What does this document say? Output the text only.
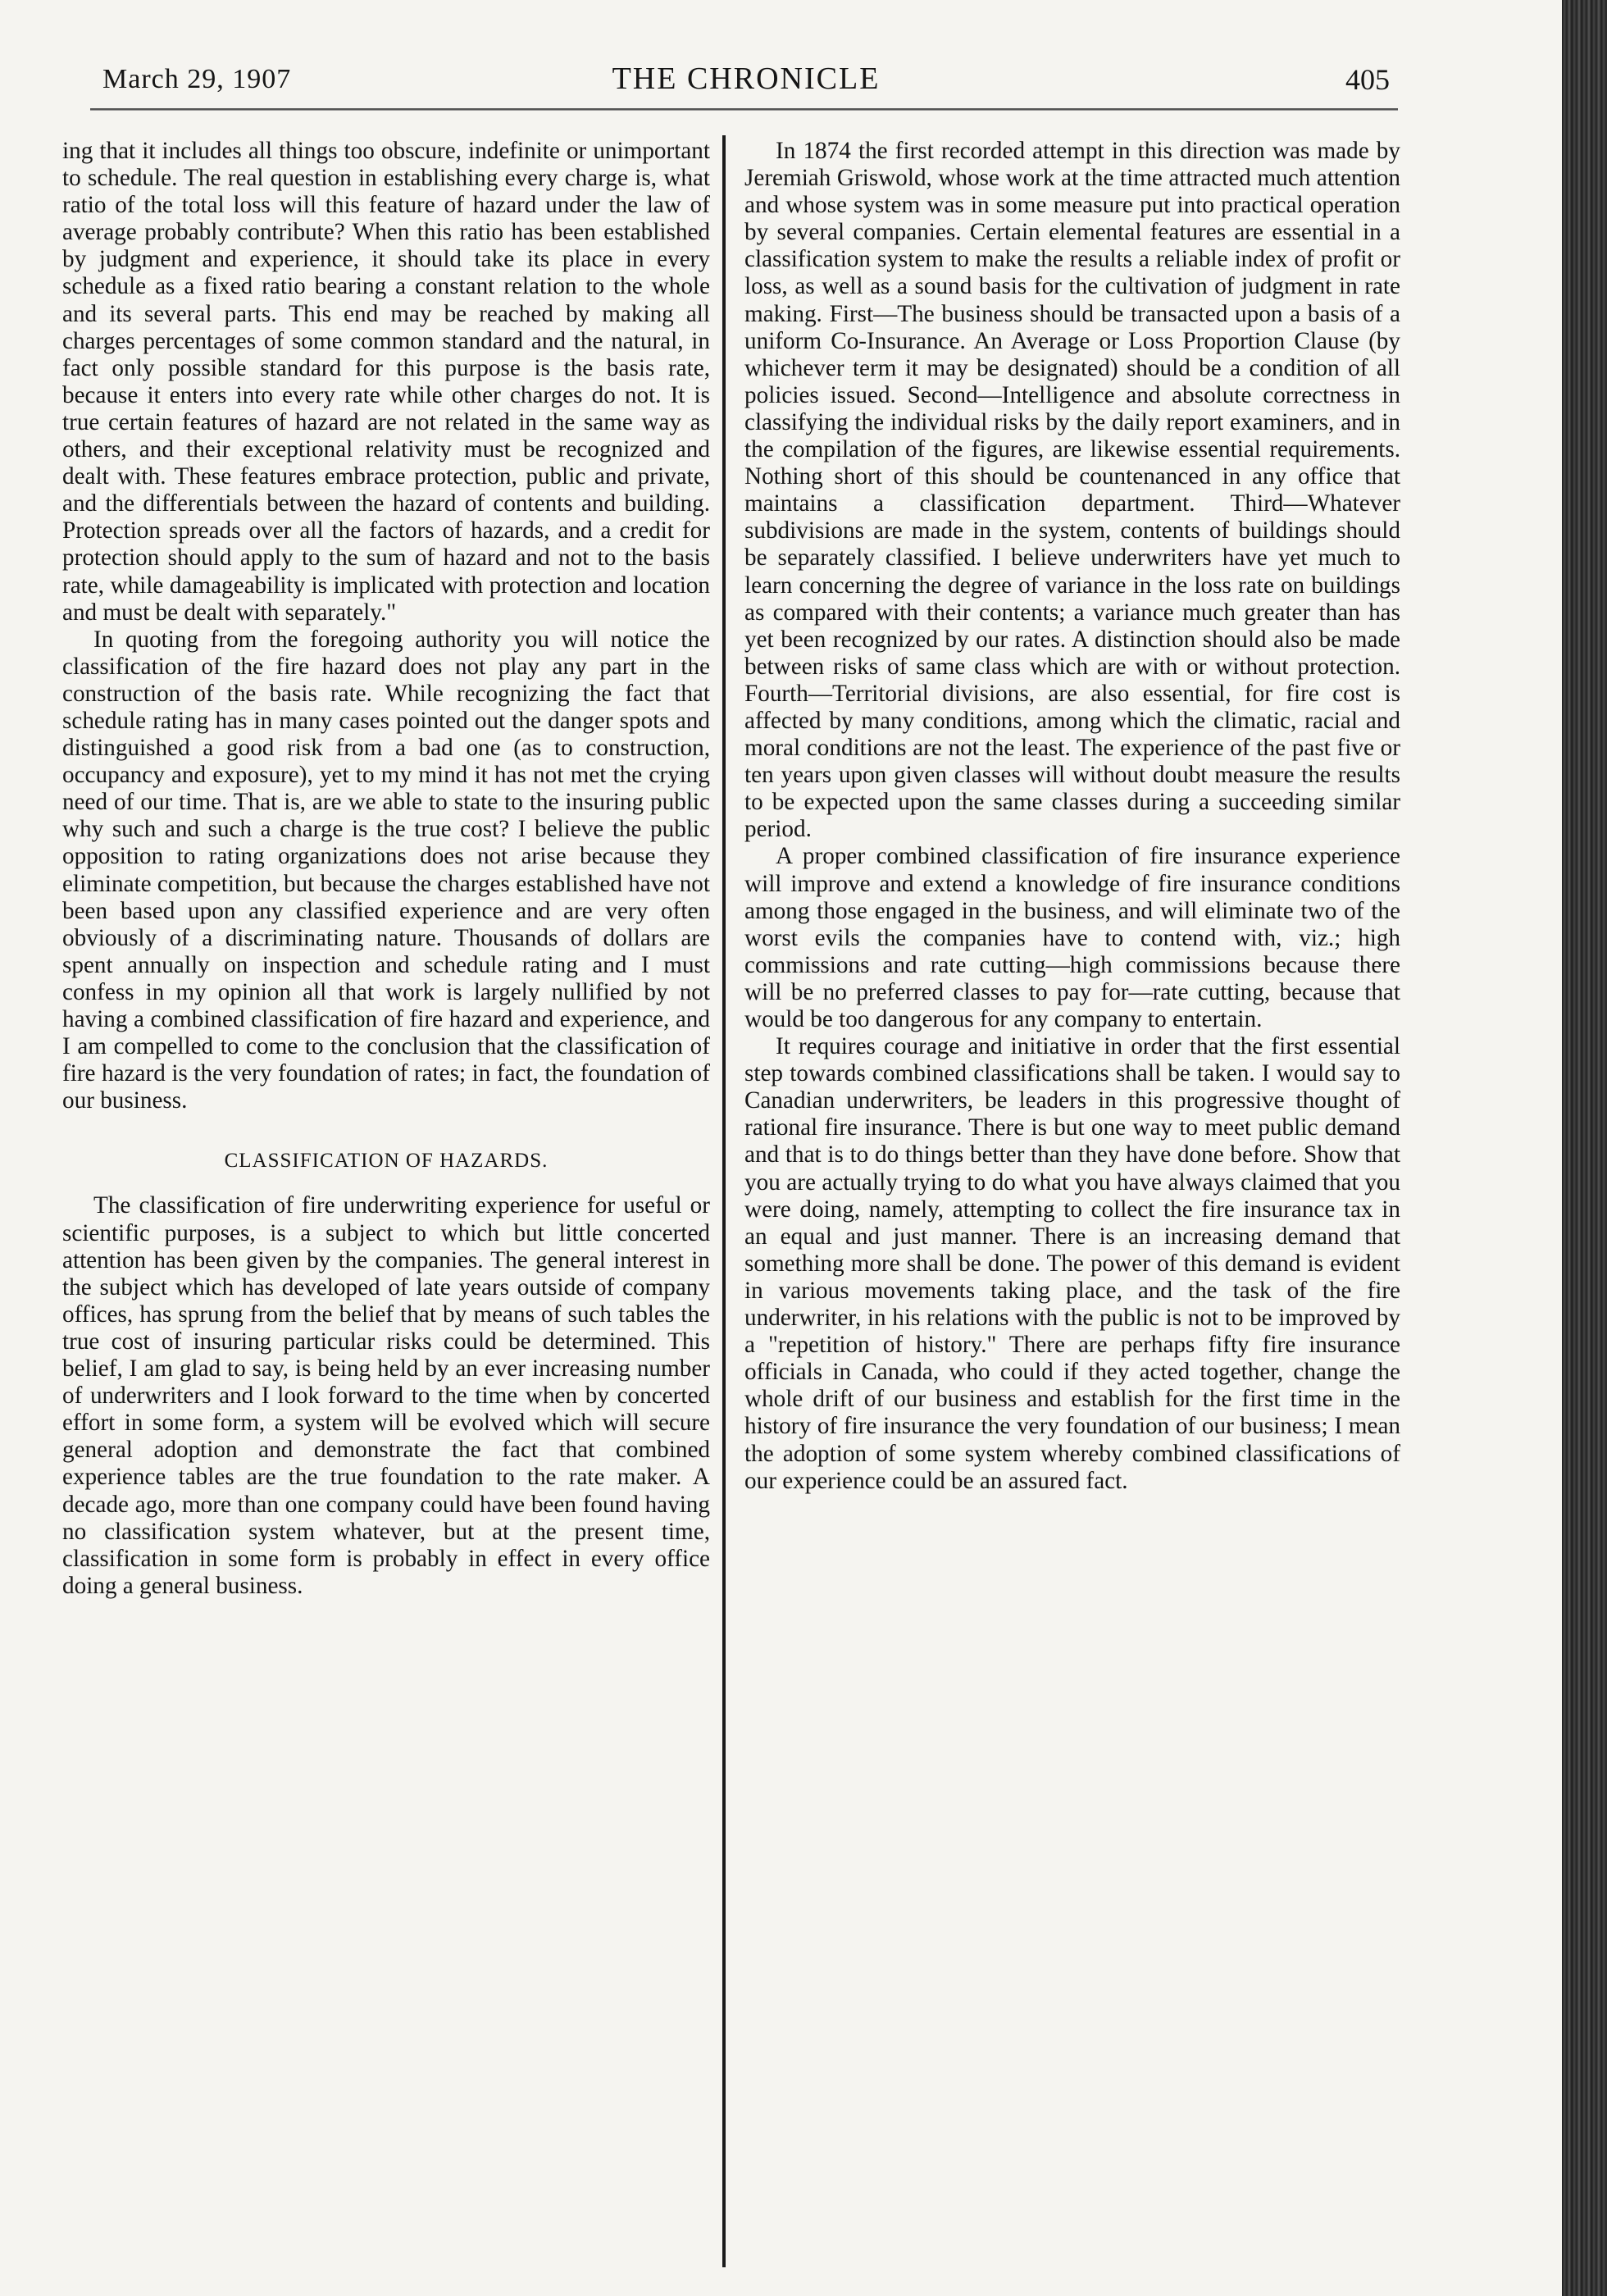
March 29, 1907	THE CHRONICLE	405

ing that it includes all things too obscure, indefinite or unimportant to schedule. The real question in establishing every charge is, what ratio of the total loss will this feature of hazard under the law of average probably contribute? When this ratio has been established by judgment and experience, it should take its place in every schedule as a fixed ratio bearing a constant relation to the whole and its several parts. This end may be reached by making all charges percentages of some common standard and the natural, in fact only possible standard for this purpose is the basis rate, because it enters into every rate while other charges do not. It is true certain features of hazard are not related in the same way as others, and their exceptional relativity must be recognized and dealt with. These features embrace protection, public and private, and the differentials between the hazard of contents and building. Protection spreads over all the factors of hazards, and a credit for protection should apply to the sum of hazard and not to the basis rate, while damageability is implicated with protection and location and must be dealt with separately."

In quoting from the foregoing authority you will notice the classification of the fire hazard does not play any part in the construction of the basis rate. While recognizing the fact that schedule rating has in many cases pointed out the danger spots and distinguished a good risk from a bad one (as to construction, occupancy and exposure), yet to my mind it has not met the crying need of our time. That is, are we able to state to the insuring public why such and such a charge is the true cost? I believe the public opposition to rating organizations does not arise because they eliminate competition, but because the charges established have not been based upon any classified experience and are very often obviously of a discriminating nature. Thousands of dollars are spent annually on inspection and schedule rating and I must confess in my opinion all that work is largely nullified by not having a combined classification of fire hazard and experience, and I am compelled to come to the conclusion that the classification of fire hazard is the very foundation of rates; in fact, the foundation of our business.

CLASSIFICATION OF HAZARDS.

The classification of fire underwriting experience for useful or scientific purposes, is a subject to which but little concerted attention has been given by the companies. The general interest in the subject which has developed of late years outside of company offices, has sprung from the belief that by means of such tables the true cost of insuring particular risks could be determined. This belief, I am glad to say, is being held by an ever increasing number of underwriters and I look forward to the time when by concerted effort in some form, a system will be evolved which will secure general adoption and demonstrate the fact that combined experience tables are the true foundation to the rate maker. A decade ago, more than one company could have been found having no classification system whatever, but at the present time, classification in some form is probably in effect in every office doing a general business.

In 1874 the first recorded attempt in this direction was made by Jeremiah Griswold, whose work at the time attracted much attention and whose system was in some measure put into practical operation by several companies. Certain elemental features are essential in a classification system to make the results a reliable index of profit or loss, as well as a sound basis for the cultivation of judgment in rate making. First—The business should be transacted upon a basis of a uniform Co-Insurance. An Average or Loss Proportion Clause (by whichever term it may be designated) should be a condition of all policies issued. Second—Intelligence and absolute correctness in classifying the individual risks by the daily report examiners, and in the compilation of the figures, are likewise essential requirements. Nothing short of this should be countenanced in any office that maintains a classification department. Third—Whatever subdivisions are made in the system, contents of buildings should be separately classified. I believe underwriters have yet much to learn concerning the degree of variance in the loss rate on buildings as compared with their contents; a variance much greater than has yet been recognized by our rates. A distinction should also be made between risks of same class which are with or without protection. Fourth—Territorial divisions, are also essential, for fire cost is affected by many conditions, among which the climatic, racial and moral conditions are not the least. The experience of the past five or ten years upon given classes will without doubt measure the results to be expected upon the same classes during a succeeding similar period.

A proper combined classification of fire insurance experience will improve and extend a knowledge of fire insurance conditions among those engaged in the business, and will eliminate two of the worst evils the companies have to contend with, viz.; high commissions and rate cutting—high commissions because there will be no preferred classes to pay for—rate cutting, because that would be too dangerous for any company to entertain.

It requires courage and initiative in order that the first essential step towards combined classifications shall be taken. I would say to Canadian underwriters, be leaders in this progressive thought of rational fire insurance. There is but one way to meet public demand and that is to do things better than they have done before. Show that you are actually trying to do what you have always claimed that you were doing, namely, attempting to collect the fire insurance tax in an equal and just manner. There is an increasing demand that something more shall be done. The power of this demand is evident in various movements taking place, and the task of the fire underwriter, in his relations with the public is not to be improved by a "repetition of history." There are perhaps fifty fire insurance officials in Canada, who could if they acted together, change the whole drift of our business and establish for the first time in the history of fire insurance the very foundation of our business; I mean the adoption of some system whereby combined classifications of our experience could be an assured fact.
